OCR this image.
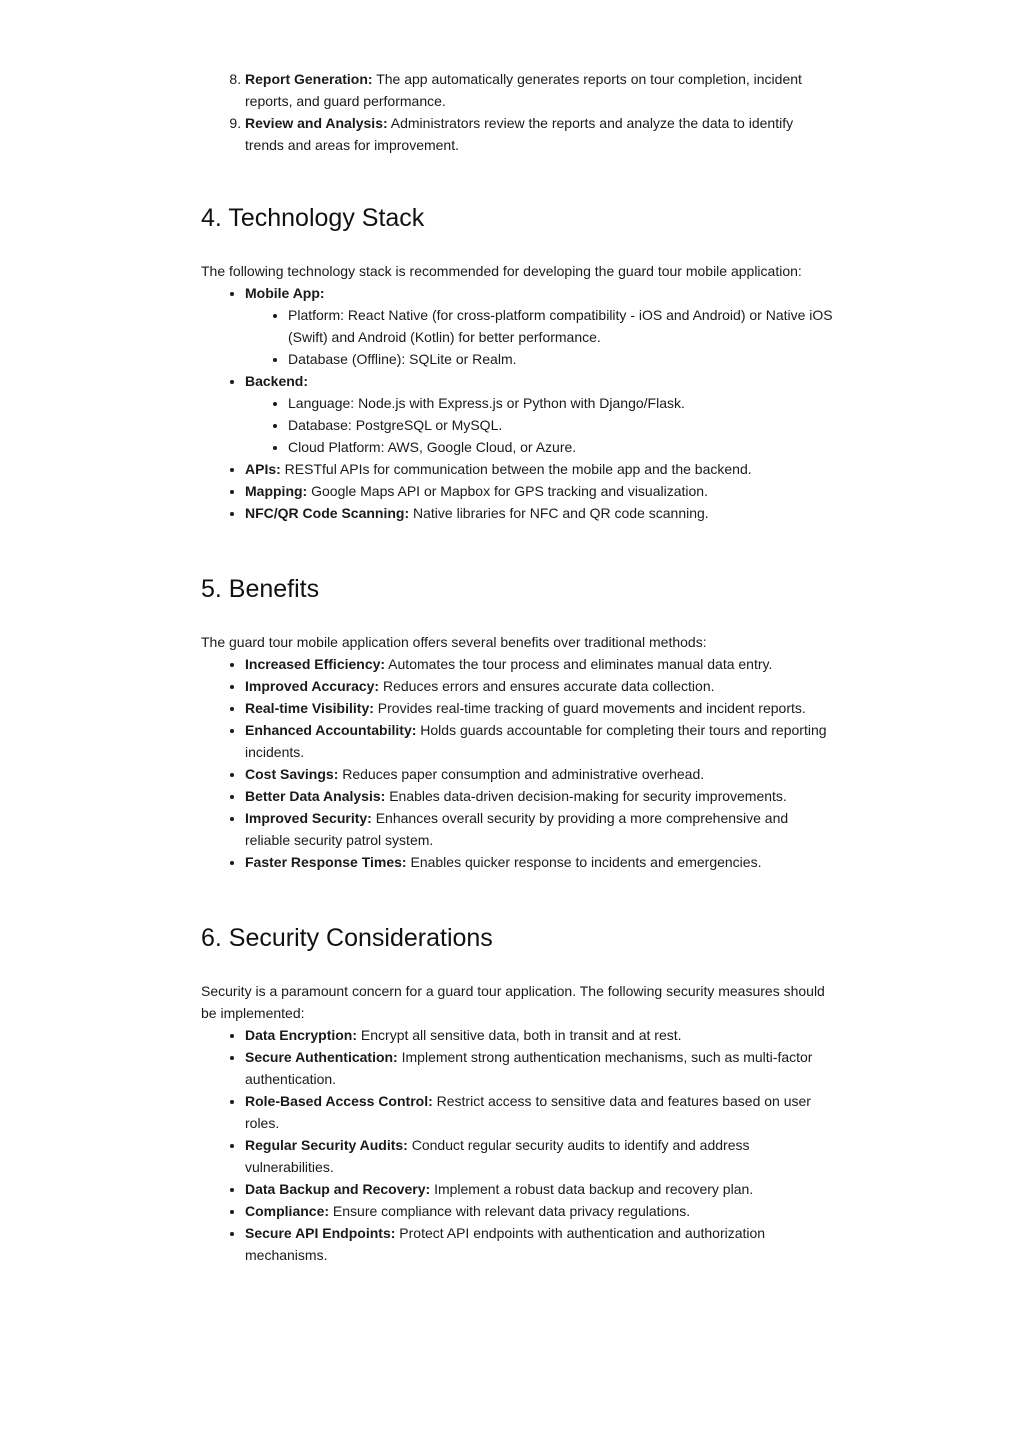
8. Report Generation: The app automatically generates reports on tour completion, incident reports, and guard performance.
9. Review and Analysis: Administrators review the reports and analyze the data to identify trends and areas for improvement.
4. Technology Stack

The following technology stack is recommended for developing the guard tour mobile application:

• Mobile App:
• Platform: React Native (for cross-platform compatibility - iOS and Android) or Native iOS (Swift) and Android (Kotlin) for better performance.
• Database (Offline): SQLite or Realm.
• Backend:
• Language: Node.js with Express.js or Python with Django/Flask.
• Database: PostgreSQL or MySQL.
• Cloud Platform: AWS, Google Cloud, or Azure.
• APIs: RESTful APIs for communication between the mobile app and the backend.
• Mapping: Google Maps API or Mapbox for GPS tracking and visualization.
• NFC/QR Code Scanning: Native libraries for NFC and QR code scanning.
5. Benefits

The guard tour mobile application offers several benefits over traditional methods:

• Increased Efficiency: Automates the tour process and eliminates manual data entry.
• Improved Accuracy: Reduces errors and ensures accurate data collection.
• Real-time Visibility: Provides real-time tracking of guard movements and incident reports.
• Enhanced Accountability: Holds guards accountable for completing their tours and reporting incidents.
• Cost Savings: Reduces paper consumption and administrative overhead.
• Better Data Analysis: Enables data-driven decision-making for security improvements.
• Improved Security: Enhances overall security by providing a more comprehensive and reliable security patrol system.
• Faster Response Times: Enables quicker response to incidents and emergencies.
6. Security Considerations

Security is a paramount concern for a guard tour application. The following security measures should be implemented:

• Data Encryption: Encrypt all sensitive data, both in transit and at rest.
• Secure Authentication: Implement strong authentication mechanisms, such as multi-factor authentication.
• Role-Based Access Control: Restrict access to sensitive data and features based on user roles.
• Regular Security Audits: Conduct regular security audits to identify and address vulnerabilities.
• Data Backup and Recovery: Implement a robust data backup and recovery plan.
• Compliance: Ensure compliance with relevant data privacy regulations.
• Secure API Endpoints: Protect API endpoints with authentication and authorization mechanisms.
